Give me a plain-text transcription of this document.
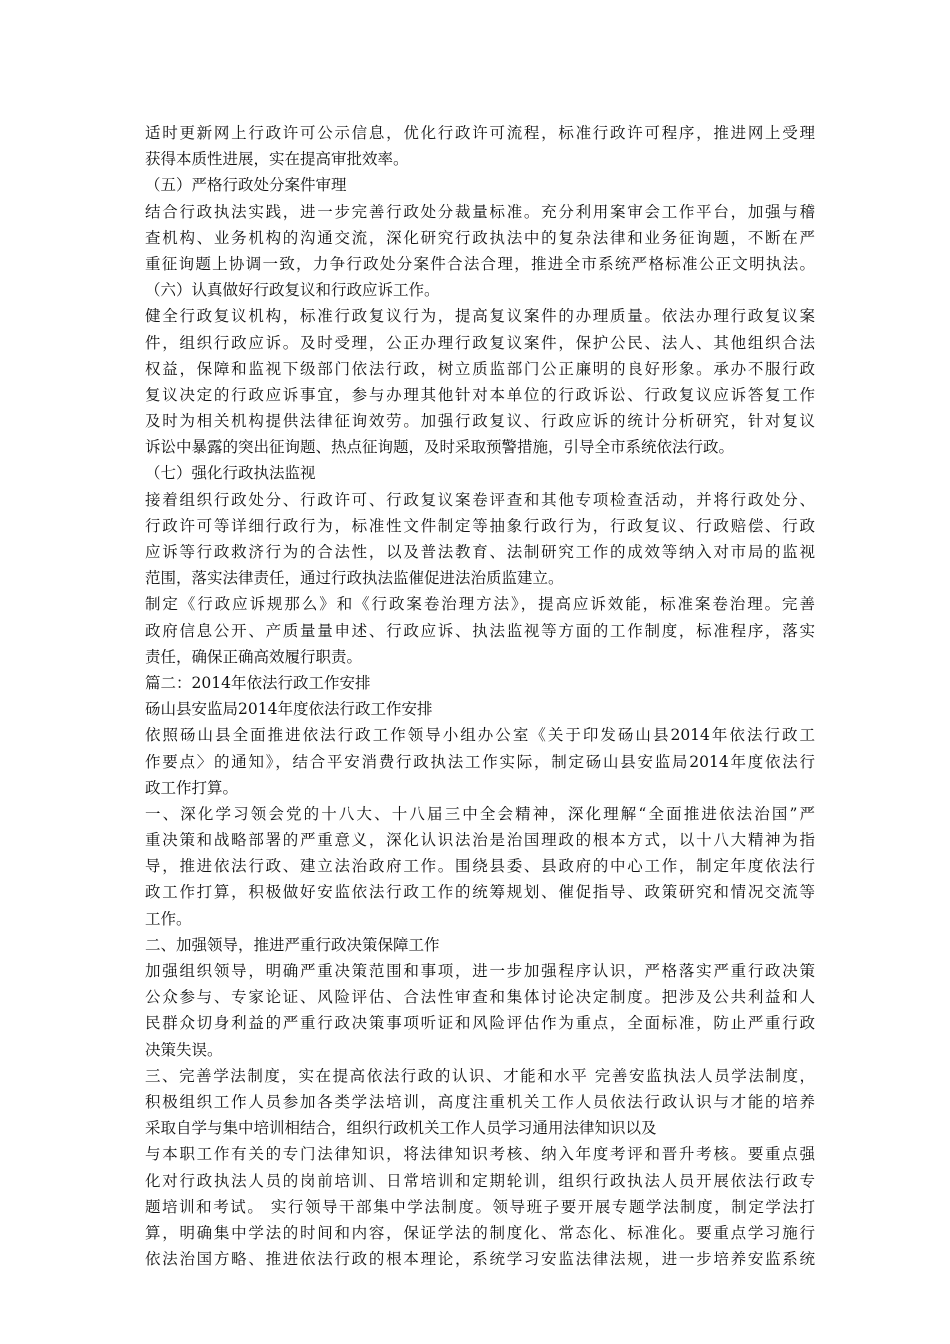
适时更新网上行政许可公示信息，优化行政许可流程，标准行政许可程序，推进网上受理
获得本质性进展，实在提高审批效率。
（五）严格行政处分案件审理
结合行政执法实践，进一步完善行政处分裁量标准。充分利用案审会工作平台，加强与稽
查机构、业务机构的沟通交流，深化研究行政执法中的复杂法律和业务征询题，不断在严
重征询题上协调一致，力争行政处分案件合法合理，推进全市系统严格标准公正文明执法。
（六）认真做好行政复议和行政应诉工作。
健全行政复议机构，标准行政复议行为，提高复议案件的办理质量。依法办理行政复议案
件，组织行政应诉。及时受理，公正办理行政复议案件，保护公民、法人、其他组织合法
权益，保障和监视下级部门依法行政，树立质监部门公正廉明的良好形象。承办不服行政
复议决定的行政应诉事宜，参与办理其他针对本单位的行政诉讼、行政复议应诉答复工作
及时为相关机构提供法律征询效劳。加强行政复议、行政应诉的统计分析研究，针对复议
诉讼中暴露的突出征询题、热点征询题，及时采取预警措施，引导全市系统依法行政。
（七）强化行政执法监视
接着组织行政处分、行政许可、行政复议案卷评查和其他专项检查活动，并将行政处分、
行政许可等详细行政行为，标准性文件制定等抽象行政行为，行政复议、行政赔偿、行政
应诉等行政救济行为的合法性，以及普法教育、法制研究工作的成效等纳入对市局的监视
范围，落实法律责任，通过行政执法监催促进法治质监建立。
制定《行政应诉规那么》和《行政案卷治理方法》，提高应诉效能，标准案卷治理。完善
政府信息公开、产质量量申述、行政应诉、执法监视等方面的工作制度，标准程序，落实
责任，确保正确高效履行职责。
篇二：2014年依法行政工作安排
砀山县安监局2014年度依法行政工作安排
依照砀山县全面推进依法行政工作领导小组办公室《关于印发砀山县2014年依法行政工
作要点〉的通知》，结合平安消费行政执法工作实际，制定砀山县安监局2014年度依法行
政工作打算。
一、深化学习领会党的十八大、十八届三中全会精神，深化理解“全面推进依法治国”严
重决策和战略部署的严重意义，深化认识法治是治国理政的根本方式，以十八大精神为指
导，推进依法行政、建立法治政府工作。围绕县委、县政府的中心工作，制定年度依法行
政工作打算，积极做好安监依法行政工作的统筹规划、催促指导、政策研究和情况交流等
工作。
二、加强领导，推进严重行政决策保障工作
加强组织领导，明确严重决策范围和事项，进一步加强程序认识，严格落实严重行政决策
公众参与、专家论证、风险评估、合法性审查和集体讨论决定制度。把涉及公共利益和人
民群众切身利益的严重行政决策事项听证和风险评估作为重点，全面标准，防止严重行政
决策失误。
三、完善学法制度，实在提高依法行政的认识、才能和水平 完善安监执法人员学法制度，
积极组织工作人员参加各类学法培训，高度注重机关工作人员依法行政认识与才能的培养
采取自学与集中培训相结合，组织行政机关工作人员学习通用法律知识以及
与本职工作有关的专门法律知识，将法律知识考核、纳入年度考评和晋升考核。要重点强
化对行政执法人员的岗前培训、日常培训和定期轮训，组织行政执法人员开展依法行政专
题培训和考试。 实行领导干部集中学法制度。领导班子要开展专题学法制度，制定学法打
算，明确集中学法的时间和内容，保证学法的制度化、常态化、标准化。要重点学习施行
依法治国方略、推进依法行政的根本理论，系统学习安监法律法规，进一步培养安监系统
